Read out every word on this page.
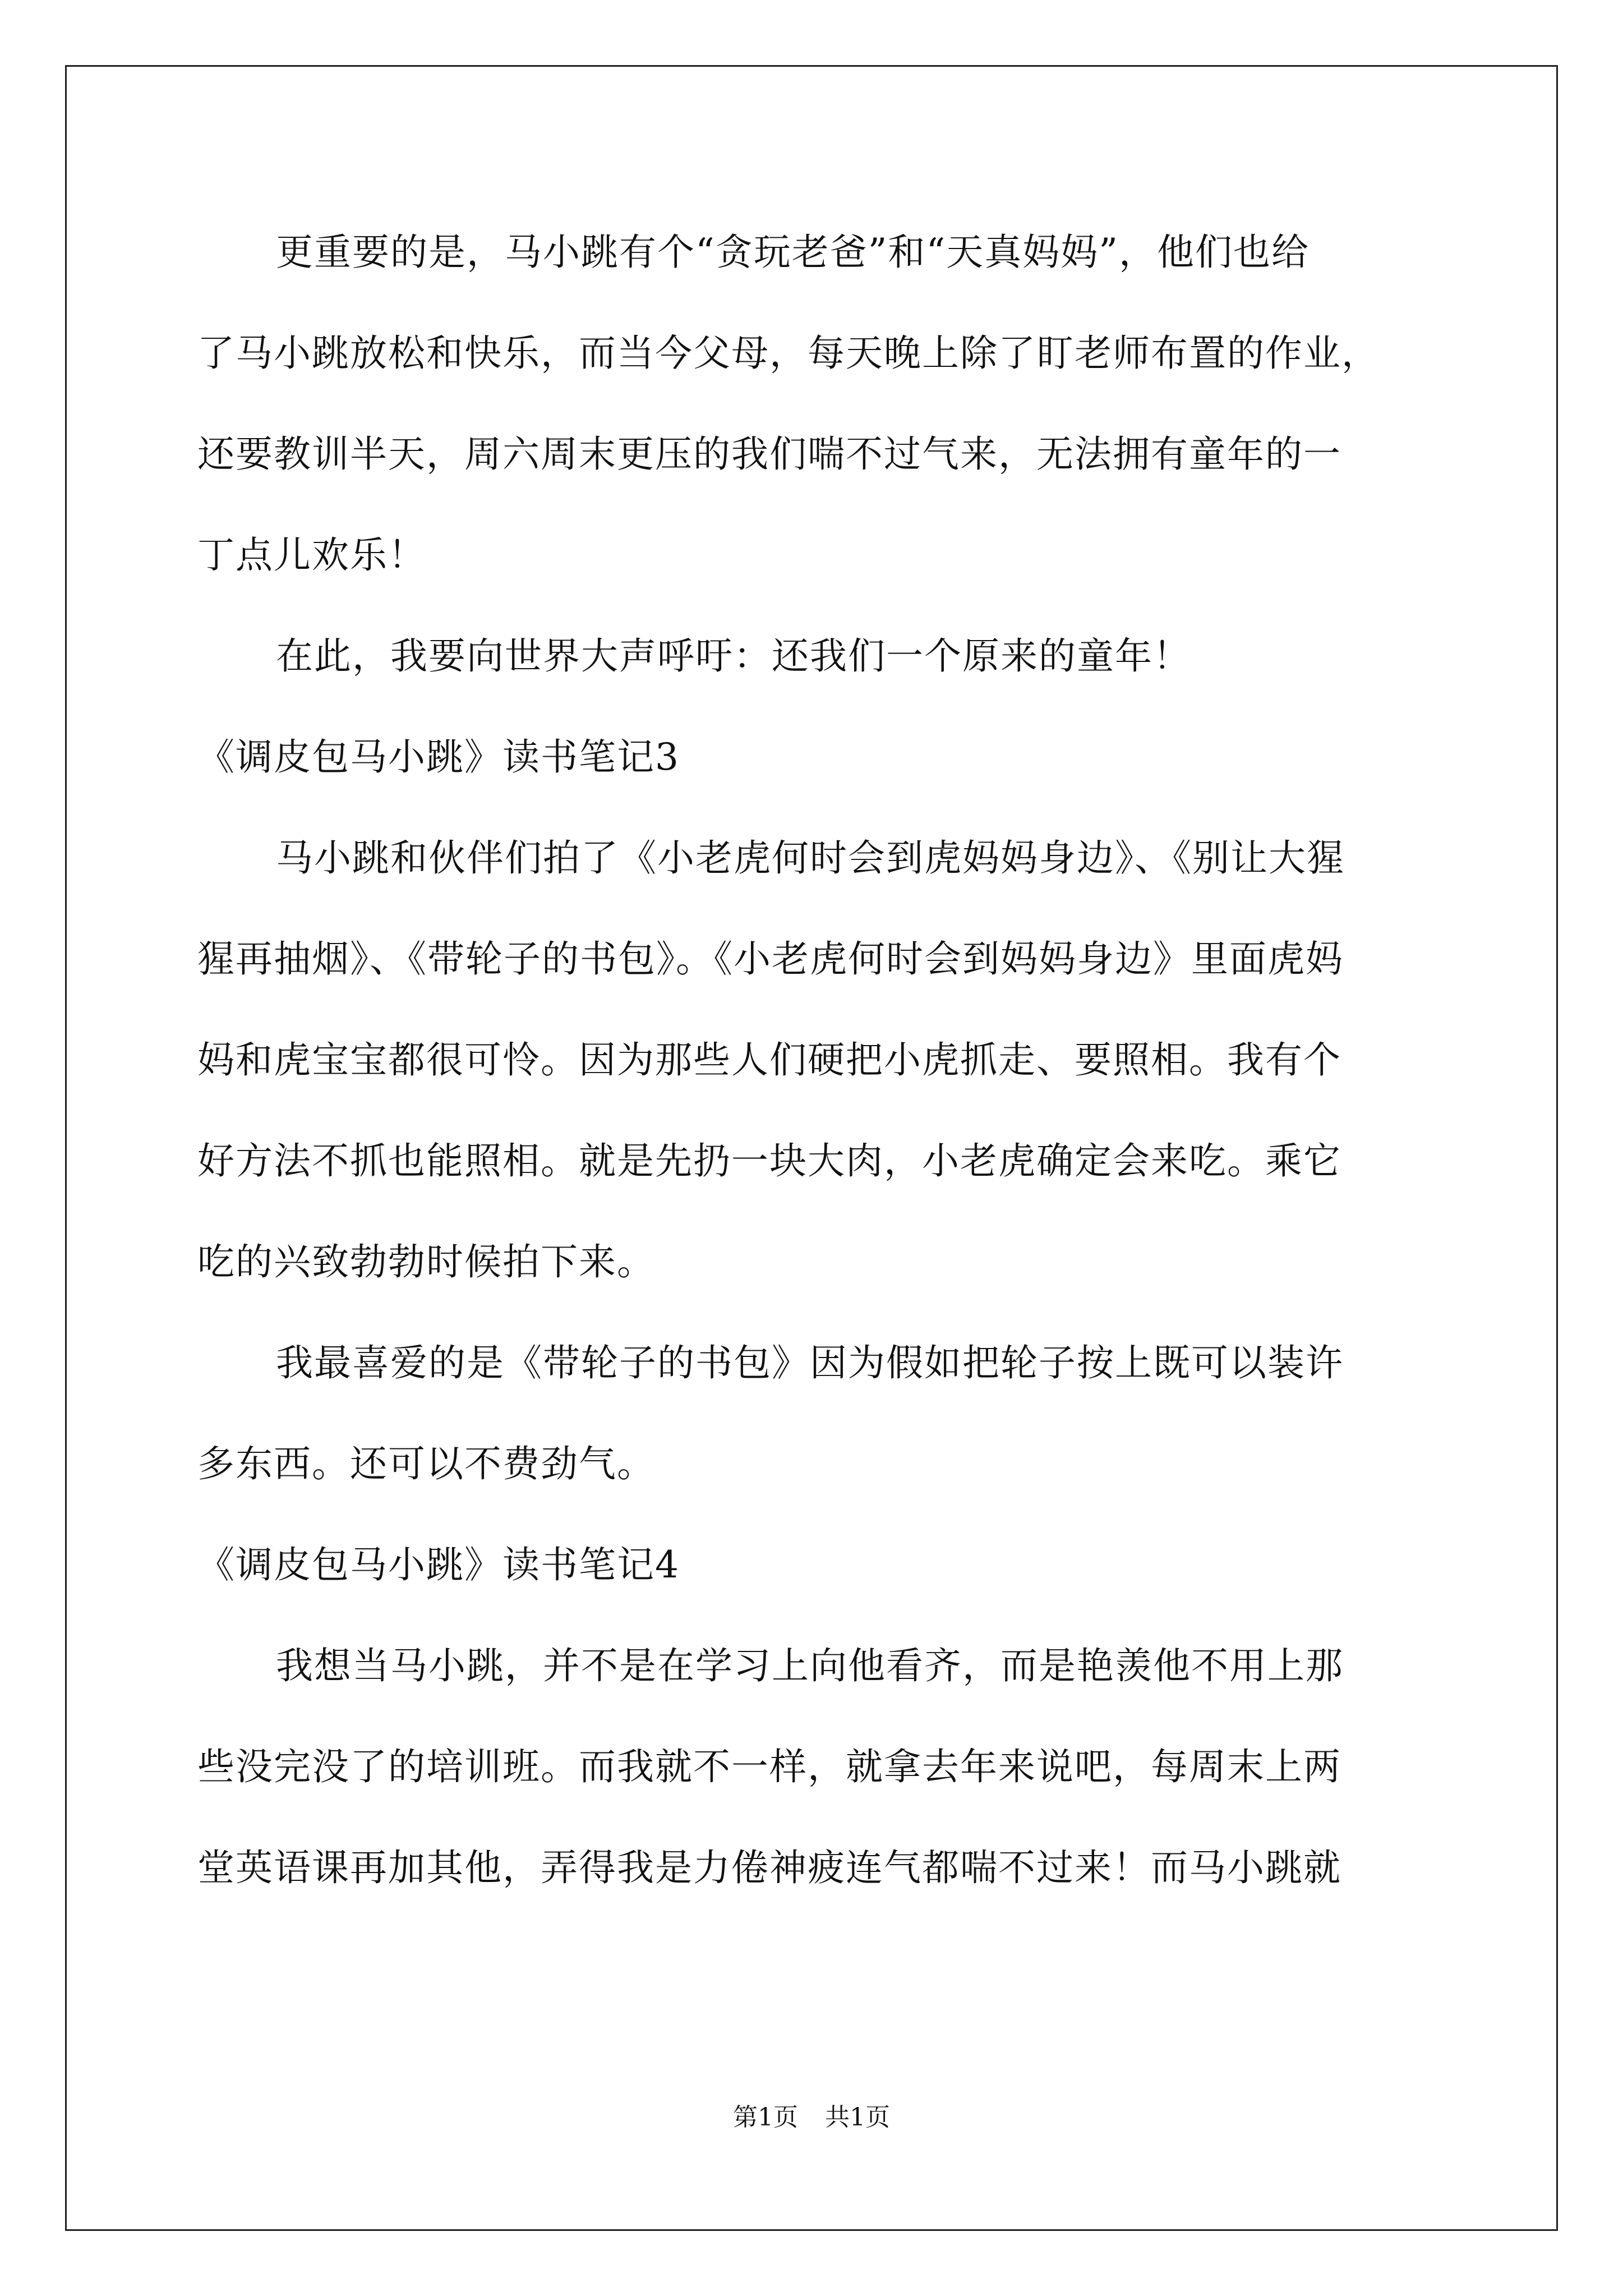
更重要的是，马小跳有个“贪玩老爸”和“天真妈妈”，他们也给
了马小跳放松和快乐，而当今父母，每天晚上除了盯老师布置的作业，
还要教训半天，周六周末更压的我们喘不过气来，无法拥有童年的一
丁点儿欢乐！
在此，我要向世界大声呼吁：还我们一个原来的童年！
《调皮包马小跳》读书笔记3
马小跳和伙伴们拍了《小老虎何时会到虎妈妈身边》、《别让大猩
猩再抽烟》、《带轮子的书包》。《小老虎何时会到妈妈身边》里面虎妈
妈和虎宝宝都很可怜。因为那些人们硬把小虎抓走、要照相。我有个
好方法不抓也能照相。就是先扔一块大肉，小老虎确定会来吃。乘它
吃的兴致勃勃时候拍下来。
我最喜爱的是《带轮子的书包》因为假如把轮子按上既可以装许
多东西。还可以不费劲气。
《调皮包马小跳》读书笔记4
我想当马小跳，并不是在学习上向他看齐，而是艳羡他不用上那
些没完没了的培训班。而我就不一样，就拿去年来说吧，每周末上两
堂英语课再加其他，弄得我是力倦神疲连气都喘不过来！而马小跳就
第1页 共1页
